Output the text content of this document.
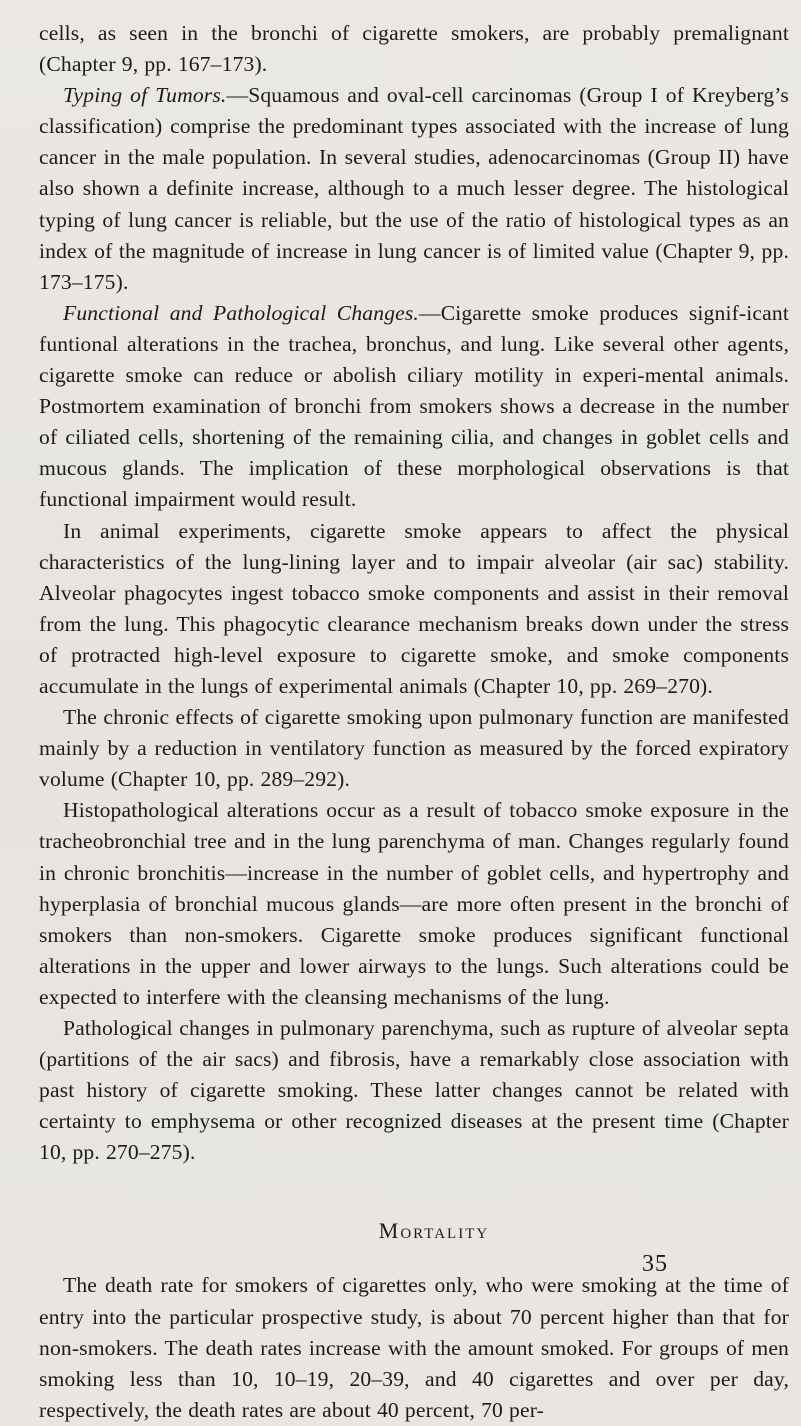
cells, as seen in the bronchi of cigarette smokers, are probably premalignant (Chapter 9, pp. 167–173).

Typing of Tumors.—Squamous and oval-cell carcinomas (Group I of Kreyberg’s classification) comprise the predominant types associated with the increase of lung cancer in the male population. In several studies, adenocarcinomas (Group II) have also shown a definite increase, although to a much lesser degree. The histological typing of lung cancer is reliable, but the use of the ratio of histological types as an index of the magnitude of increase in lung cancer is of limited value (Chapter 9, pp. 173–175).

Functional and Pathological Changes.—Cigarette smoke produces signif-icant funtional alterations in the trachea, bronchus, and lung. Like several other agents, cigarette smoke can reduce or abolish ciliary motility in experi-mental animals. Postmortem examination of bronchi from smokers shows a decrease in the number of ciliated cells, shortening of the remaining cilia, and changes in goblet cells and mucous glands. The implication of these morphological observations is that functional impairment would result.

In animal experiments, cigarette smoke appears to affect the physical characteristics of the lung-lining layer and to impair alveolar (air sac) stability. Alveolar phagocytes ingest tobacco smoke components and assist in their removal from the lung. This phagocytic clearance mechanism breaks down under the stress of protracted high-level exposure to cigarette smoke, and smoke components accumulate in the lungs of experimental animals (Chapter 10, pp. 269–270).

The chronic effects of cigarette smoking upon pulmonary function are manifested mainly by a reduction in ventilatory function as measured by the forced expiratory volume (Chapter 10, pp. 289–292).

Histopathological alterations occur as a result of tobacco smoke exposure in the tracheobronchial tree and in the lung parenchyma of man. Changes regularly found in chronic bronchitis—increase in the number of goblet cells, and hypertrophy and hyperplasia of bronchial mucous glands—are more often present in the bronchi of smokers than non-smokers. Cigarette smoke produces significant functional alterations in the upper and lower airways to the lungs. Such alterations could be expected to interfere with the cleansing mechanisms of the lung.

Pathological changes in pulmonary parenchyma, such as rupture of alveolar septa (partitions of the air sacs) and fibrosis, have a remarkably close association with past history of cigarette smoking. These latter changes cannot be related with certainty to emphysema or other recognized diseases at the present time (Chapter 10, pp. 270–275).

Mortality

The death rate for smokers of cigarettes only, who were smoking at the time of entry into the particular prospective study, is about 70 percent higher than that for non-smokers. The death rates increase with the amount smoked. For groups of men smoking less than 10, 10–19, 20–39, and 40 cigarettes and over per day, respectively, the death rates are about 40 percent, 70 per-

35
